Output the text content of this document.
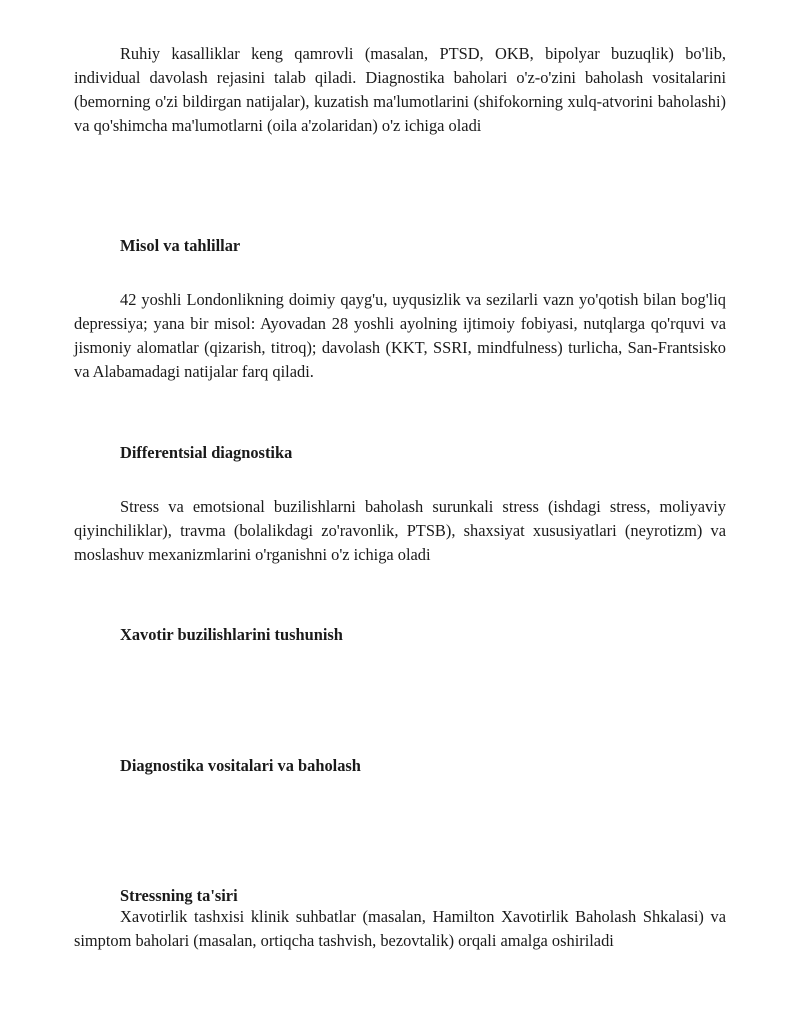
Ruhiy kasalliklar keng qamrovli (masalan, PTSD, OKB, bipolyar buzuqlik) bo'lib, individual davolash rejasini talab qiladi. Diagnostika baholari o'z-o'zini baholash vositalarini (bemorning o'zi bildirgan natijalar), kuzatish ma'lumotlarini (shifokorning xulq-atvorini baholashi) va qo'shimcha ma'lumotlarni (oila a'zolaridan) o'z ichiga oladi

Misol va tahlillar

42 yoshli Londonlikning doimiy qayg'u, uyqusizlik va sezilarli vazn yo'qotish bilan bog'liq depressiya; yana bir misol: Ayovadan 28 yoshli ayolning ijtimoiy fobiyasi, nutqlarga qo'rquvi va jismoniy alomatlar (qizarish, titroq); davolash (KKT, SSRI, mindfulness) turlicha, San-Frantsisko va Alabamadagi natijalar farq qiladi.

Differentsial diagnostika

Stress va emotsional buzilishlarni baholash surunkali stress (ishdagi stress, moliyaviy qiyinchiliklar), travma (bolalikdagi zo'ravonlik, PTSB), shaxsiyat xususiyatlari (neyrotizm) va moslashuv mexanizmlarini o'rganishni o'z ichiga oladi

Xavotir buzilishlarini tushunish
Diagnostika vositalari va baholash
Stressning ta'siri

Xavotirlik tashxisi klinik suhbatlar (masalan, Hamilton Xavotirlik Baholash Shkalasi) va simptom baholari (masalan, ortiqcha tashvish, bezovtalik) orqali amalga oshiriladi
